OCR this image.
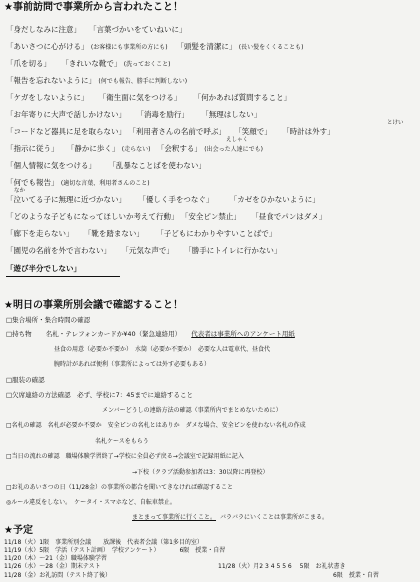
★事前訪問で事業所から言われたこと！
「身だしなみに注意」 「言葉づかいをていねいに」
「あいさつに心がける」 (お客様にも事業所の方にも) 「頭髪を清潔に」 (長い髪をくくることも)
「爪を切る」 「きれいな靴で」 (洗っておくこと)
「報告を忘れないように」 (何でも報告、勝手に判断しない)
「ケガをしないように」 「衛生面に気をつける」 「何かあれば質問すること」
「お年寄りに大声で話しかけない」 「消毒を励行」 「無理はしない」
「コードなど器具に足を取らない」 「利用者さんの名前で呼ぶ」 「笑顔で」 「時計は外す」
とけい
「指示に従う」 「静かに歩く」 (走らない) 「会釈する」 (出会った人達にでも)
えしゃく
「個人情報に気をつける」 「乱暴なことばを使わない」
「何でも報告」 (適切な言葉、利用者さんのこと)
「泣いてる子に無理に近づかない」 「優しく手をつなぐ」 「カゼをひかないように」
なか
「どのような子どもになってほしいか考えて行動」 「安全ピン禁止」 「昼食でパンはダメ」
「廊下を走らない」 「靴を踏まない」 「子どもにわかりやすいことばで」
「園児の名前を外で言わない」 「元気な声で」 「勝手にトイレに行かない」
「遊び半分でしない」
★明日の事業所別会議で確認すること！
□集合場所・集合時間の確認
□持ち物 名札・テレフォンカードか¥40（緊急連絡用） 代表者は事業所へのアンケート用紙
昼食の用意（必要か不要か）　水筒（必要か不要か）　必要な人は電車代、昼食代
腕時計があれば便利（事業所によっては外す必要もある）
□服装の確認
□欠席連絡の方法確認　必ず、学校に7：45までに連絡すること
メンバーどうしの連絡方法の確認（事業所内でまとめないために）
□名札の確認　名札が必要か不要か　安全ピンの名札とはありか　ダメな場合、安全ピンを使わない名札の作成
名札ケースをもらう
□当日の流れの確認　職場体験学習終了→学校に全員必ず戻る→会議室で記録用紙に記入
→下校（クラブ活動参加者は3：30以降に再登校）
□お礼のあいさつの日（11/28金）の事業所の都合を聞いてきなければ確認すること
◎ルール違反をしない。　ケータイ・スマホなど、自転車禁止。
まとまって事業所に行くこと。 バラバラにいくことは事業所がこまる。
★予定
11/18（火）1限　事業所別会議　　放課後　代表者会議（第1多目的室）
11/19（水）5限　学活（テスト計画）　学校アンケート）	6限　授業・自習
11/20（木）〜21（金）職場体験学習
11/26（水）〜28（金）期末テスト	11/28（火）月2 3 4 5 5 6 5限　お礼状書き
11/28（金）お礼訪問（テスト終了後）	6限　授業・自習
